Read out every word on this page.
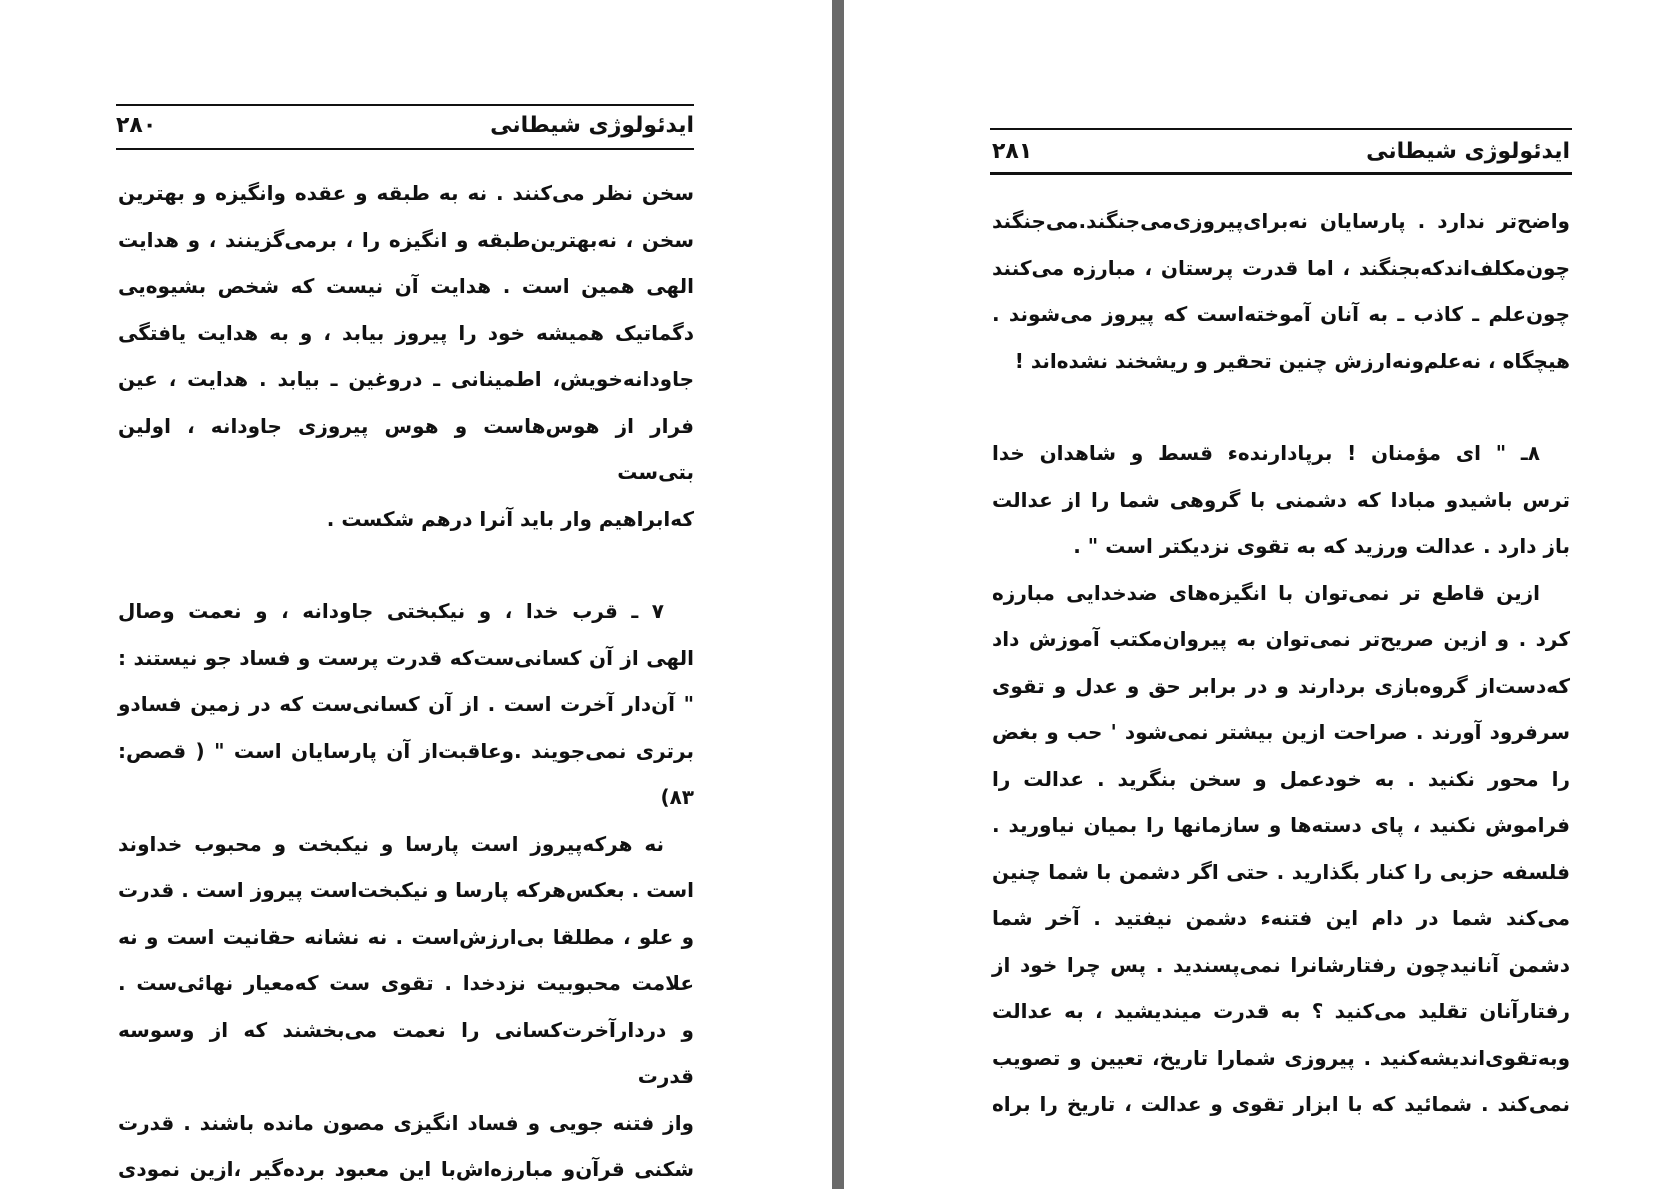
۲۸۰	ایدئولوژی شیطانی

سخن نظر می‌کنند . نه به طبقه و عقده وانگیزه و بهترین

سخن ، نه‌بهترین‌طبقه و انگیزه را ، برمی‌گزینند ، و هدایت

الهی همین است . هدایت آن نیست که شخص بشیوه‌یی

دگماتیک همیشه خود را پیروز بیابد ، و به هدایت یافتگی

جاودانه‌خویش، اطمینانی ـ دروغین ـ بیابد . هدایت ، عین

فرار از هوس‌هاست و هوس پیروزی جاودانه ، اولین بتی‌ست

که‌ابراهیم وار باید آنرا درهم شکست .

۷ ـ قرب خدا ، و نیکبختی جاودانه ، و نعمت وصال

الهی از آن کسانی‌ست‌که قدرت پرست و فساد جو نیستند :

" آن‌دار آخرت است . از آن کسانی‌ست که در زمین فسادو

برتری نمی‌جویند .وعاقبت‌از آن پارسایان است " ( قصص:

۸۳)

نه هرکه‌پیروز است پارسا و نیکبخت و محبوب خداوند

است . بعکس‌هرکه پارسا و نیکبخت‌است پیروز است . قدرت

و علو ، مطلقا بی‌ارزش‌است . نه نشانه حقانیت است و نه

علامت محبوبیت نزدخدا . تقوی ست که‌معیار نهائی‌ست .

و دردارآخرت‌کسانی را نعمت می‌بخشند که از وسوسه قدرت

واز فتنه جویی و فساد انگیزی مصون مانده باشند . قدرت

شکنی قرآن‌و مبارزه‌اش‌با این معبود برده‌گیر ،ازین نمودی

۲۸۱	ایدئولوژی شیطانی

واضح‌تر ندارد . پارسایان نه‌برای‌پیروزی‌می‌جنگند.می‌جنگند

چون‌مکلف‌اند‌که‌بجنگند ، اما قدرت پرستان ، مبارزه می‌کنند

چون‌علم ـ کاذب ـ به آنان آموخته‌است که پیروز می‌شوند .

هیچگاه ، نه‌علم‌ونه‌ارزش چنین تحقیر و ریشخند نشده‌اند !

۸ـ " ای مؤمنان ! برپادارنده‌ء قسط و شاهدان خدا

ترس باشیدو مبادا که دشمنی با گروهی شما را از عدالت

باز دارد . عدالت ورزید که به تقوی نزدیکتر است " .

ازین قاطع تر نمی‌توان با انگیزه‌های ضدخدایی مبارزه

کرد . و ازین صریح‌تر نمی‌توان به پیروان‌مکتب آموزش داد

که‌دست‌از گروه‌بازی بردارند و در برابر حق و عدل و تقوی

سرفرود آورند . صراحت ازین بیشتر نمی‌شود ' حب و بغض

را محور نکنید . به خودعمل و سخن بنگرید . عدالت را

فراموش نکنید ، پای دسته‌ها و سازمانها را بمیان نیاورید .

فلسفه حزبی را کنار بگذارید . حتی اگر دشمن با شما چنین

می‌کند شما در دام این فتنه‌ء دشمن نیفتید . آخر شما

دشمن آنانیدچون رفتارشانرا نمی‌پسندید . پس چرا خود از

رفتارآنان تقلید می‌کنید ؟ به قدرت میندیشید ، به عدالت

وبه‌تقوی‌اندیشه‌کنید . پیروزی شمارا تاریخ، تعیین و تصویب

نمی‌کند . شمائید که با ابزار تقوی و عدالت ، تاریخ را براه
